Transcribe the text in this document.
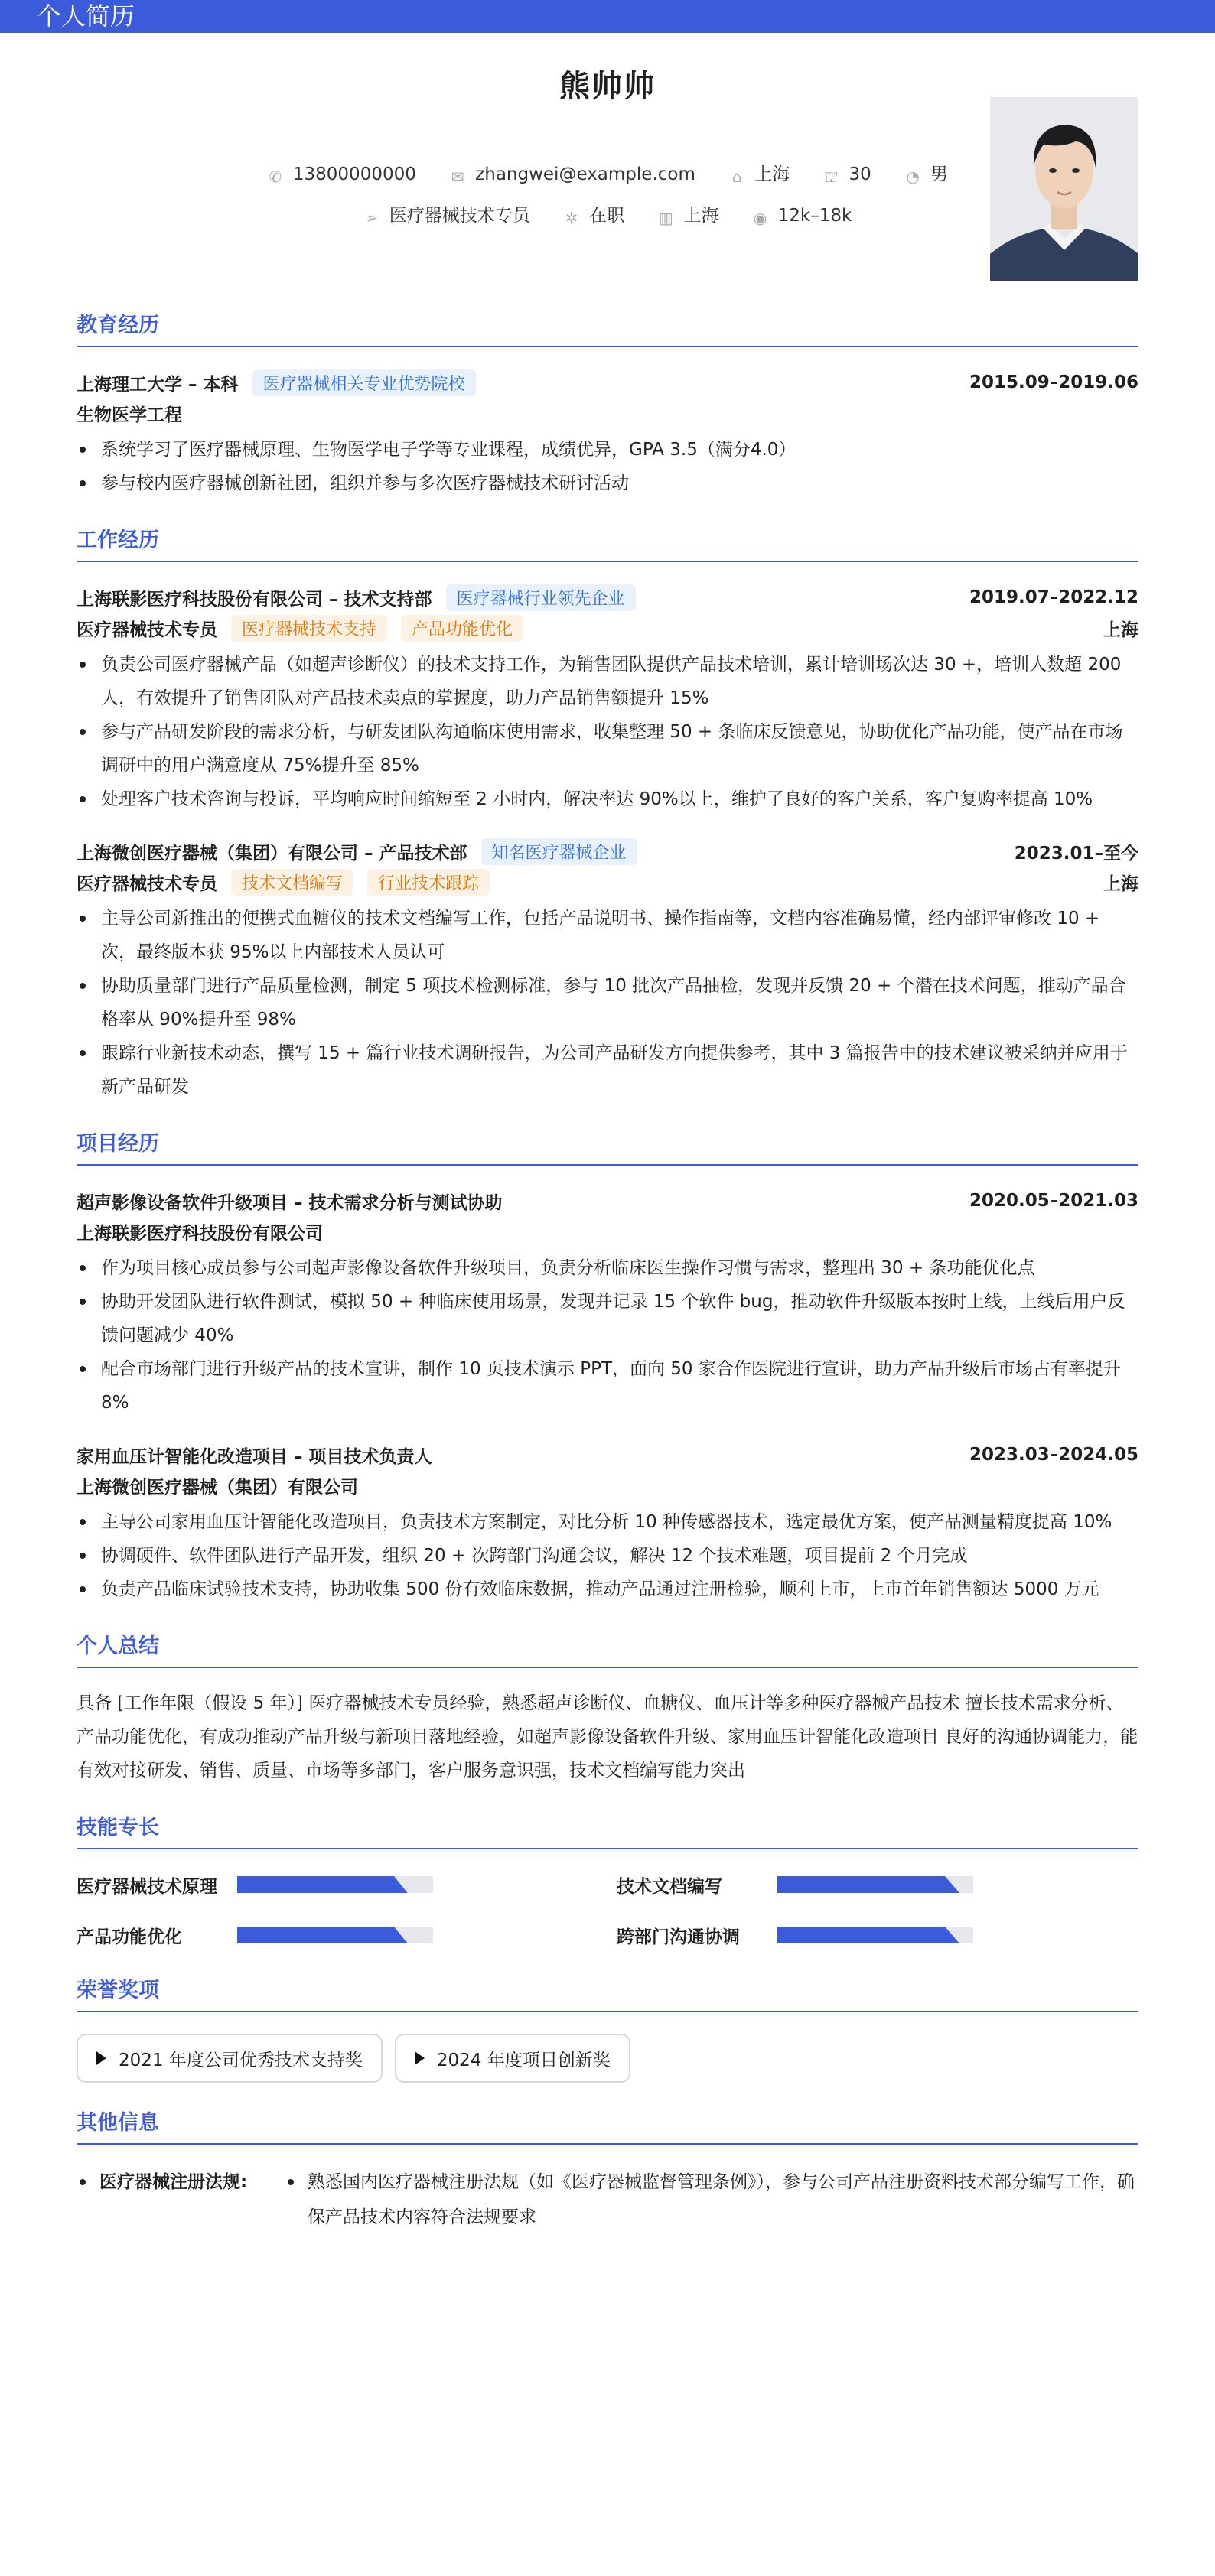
个人简历
熊帅帅
✆ 13800000000 ✉ zhangwei@example.com ⌂ 上海 ⛫ 30 ◔ 男
➢ 医疗器械技术专员 ✲ 在职 ▥ 上海 ◉ 12k–18k
教育经历
上海理工大学 – 本科	医疗器械相关专业优势院校	2015.09–2019.06
生物医学工程
系统学习了医疗器械原理、生物医学电子学等专业课程，成绩优异，GPA 3.5（满分4.0）
参与校内医疗器械创新社团，组织并参与多次医疗器械技术研讨活动
工作经历
上海联影医疗科技股份有限公司 – 技术支持部	医疗器械行业领先企业	2019.07–2022.12
医疗器械技术专员	医疗器械技术支持	产品功能优化	上海
负责公司医疗器械产品（如超声诊断仪）的技术支持工作，为销售团队提供产品技术培训，累计培训场次达 30 +，培训人数超 200 人，有效提升了销售团队对产品技术卖点的掌握度，助力产品销售额提升 15%
参与产品研发阶段的需求分析，与研发团队沟通临床使用需求，收集整理 50 + 条临床反馈意见，协助优化产品功能，使产品在市场调研中的用户满意度从 75%提升至 85%
处理客户技术咨询与投诉，平均响应时间缩短至 2 小时内，解决率达 90%以上，维护了良好的客户关系，客户复购率提高 10%
上海微创医疗器械（集团）有限公司 – 产品技术部	知名医疗器械企业	2023.01–至今
医疗器械技术专员	技术文档编写	行业技术跟踪	上海
主导公司新推出的便携式血糖仪的技术文档编写工作，包括产品说明书、操作指南等，文档内容准确易懂，经内部评审修改 10 + 次，最终版本获 95%以上内部技术人员认可
协助质量部门进行产品质量检测，制定 5 项技术检测标准，参与 10 批次产品抽检，发现并反馈 20 + 个潜在技术问题，推动产品合格率从 90%提升至 98%
跟踪行业新技术动态，撰写 15 + 篇行业技术调研报告，为公司产品研发方向提供参考，其中 3 篇报告中的技术建议被采纳并应用于新产品研发
项目经历
超声影像设备软件升级项目 – 技术需求分析与测试协助	2020.05–2021.03
上海联影医疗科技股份有限公司
作为项目核心成员参与公司超声影像设备软件升级项目，负责分析临床医生操作习惯与需求，整理出 30 + 条功能优化点
协助开发团队进行软件测试，模拟 50 + 种临床使用场景，发现并记录 15 个软件 bug，推动软件升级版本按时上线，上线后用户反馈问题减少 40%
配合市场部门进行升级产品的技术宣讲，制作 10 页技术演示 PPT，面向 50 家合作医院进行宣讲，助力产品升级后市场占有率提升 8%
家用血压计智能化改造项目 – 项目技术负责人	2023.03–2024.05
上海微创医疗器械（集团）有限公司
主导公司家用血压计智能化改造项目，负责技术方案制定，对比分析 10 种传感器技术，选定最优方案，使产品测量精度提高 10%
协调硬件、软件团队进行产品开发，组织 20 + 次跨部门沟通会议，解决 12 个技术难题，项目提前 2 个月完成
负责产品临床试验技术支持，协助收集 500 份有效临床数据，推动产品通过注册检验，顺利上市，上市首年销售额达 5000 万元
个人总结
具备 [工作年限（假设 5 年）] 医疗器械技术专员经验，熟悉超声诊断仪、血糖仪、血压计等多种医疗器械产品技术 擅长技术需求分析、产品功能优化，有成功推动产品升级与新项目落地经验，如超声影像设备软件升级、家用血压计智能化改造项目 良好的沟通协调能力，能有效对接研发、销售、质量、市场等多部门，客户服务意识强，技术文档编写能力突出
技能专长
医疗器械技术原理	技术文档编写
产品功能优化	跨部门沟通协调
荣誉奖项
2021 年度公司优秀技术支持奖	2024 年度项目创新奖
其他信息
医疗器械注册法规:	熟悉国内医疗器械注册法规（如《医疗器械监督管理条例》），参与公司产品注册资料技术部分编写工作，确保产品技术内容符合法规要求
